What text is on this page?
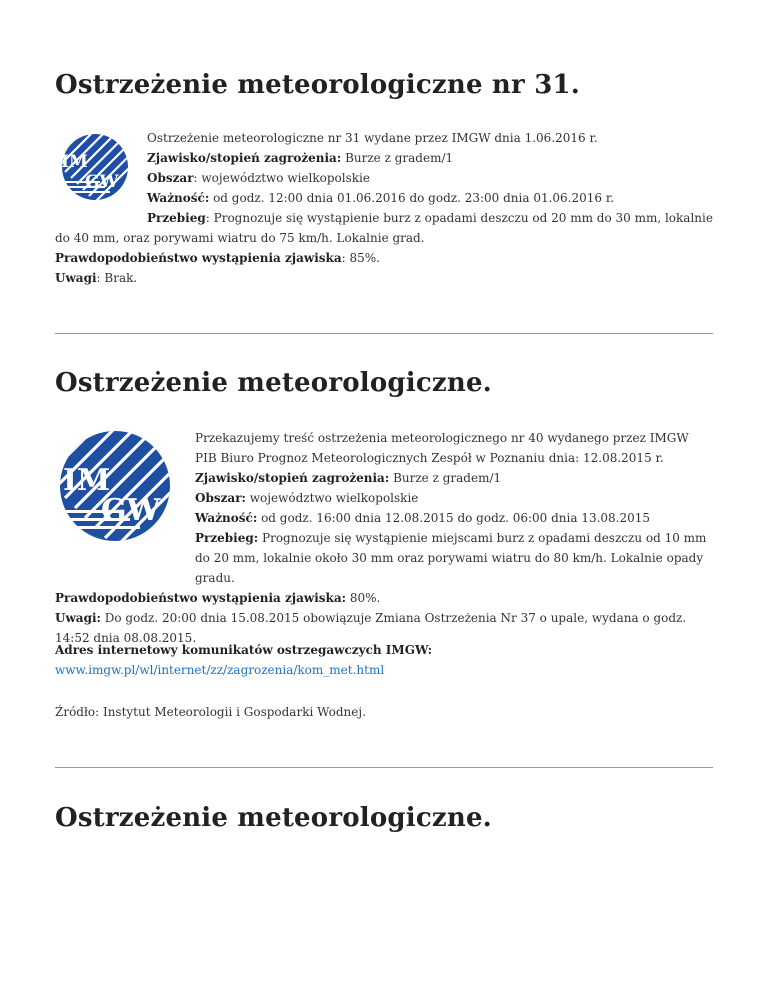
Ostrzeżenie meteorologiczne nr 31.
IM
GW
Ostrzeżenie meteorologiczne nr 31 wydane przez IMGW dnia 1.06.2016 r.
Zjawisko/stopień zagrożenia: Burze z gradem/1
Obszar: województwo wielkopolskie
Ważność: od godz. 12:00 dnia 01.06.2016 do godz. 23:00 dnia 01.06.2016 r.
Przebieg: Prognozuje się wystąpienie burz z opadami deszczu od 20 mm do 30 mm, lokalnie do 40 mm, oraz porywami wiatru do 75 km/h. Lokalnie grad.
Prawdopodobieństwo wystąpienia zjawiska: 85%.
Uwagi: Brak.
Ostrzeżenie meteorologiczne.
IM
GW
Przekazujemy treść ostrzeżenia meteorologicznego nr 40 wydanego przez IMGW PIB Biuro Prognoz Meteorologicznych Zespół w Poznaniu dnia: 12.08.2015 r.
Zjawisko/stopień zagrożenia: Burze z gradem/1
Obszar: województwo wielkopolskie
Ważność: od godz. 16:00 dnia 12.08.2015 do godz. 06:00 dnia 13.08.2015
Przebieg: Prognozuje się wystąpienie miejscami burz z opadami deszczu od 10 mm do 20 mm, lokalnie około 30 mm oraz porywami wiatru do 80 km/h. Lokalnie opady gradu.
Prawdopodobieństwo wystąpienia zjawiska: 80%.
Uwagi: Do godz. 20:00 dnia 15.08.2015 obowiązuje Zmiana Ostrzeżenia Nr 37 o upale, wydana o godz. 14:52 dnia 08.08.2015.
Adres internetowy komunikatów ostrzegawczych IMGW:
www.imgw.pl/wl/internet/zz/zagrozenia/kom_met.html
Źródło: Instytut Meteorologii i Gospodarki Wodnej.
Ostrzeżenie meteorologiczne.
